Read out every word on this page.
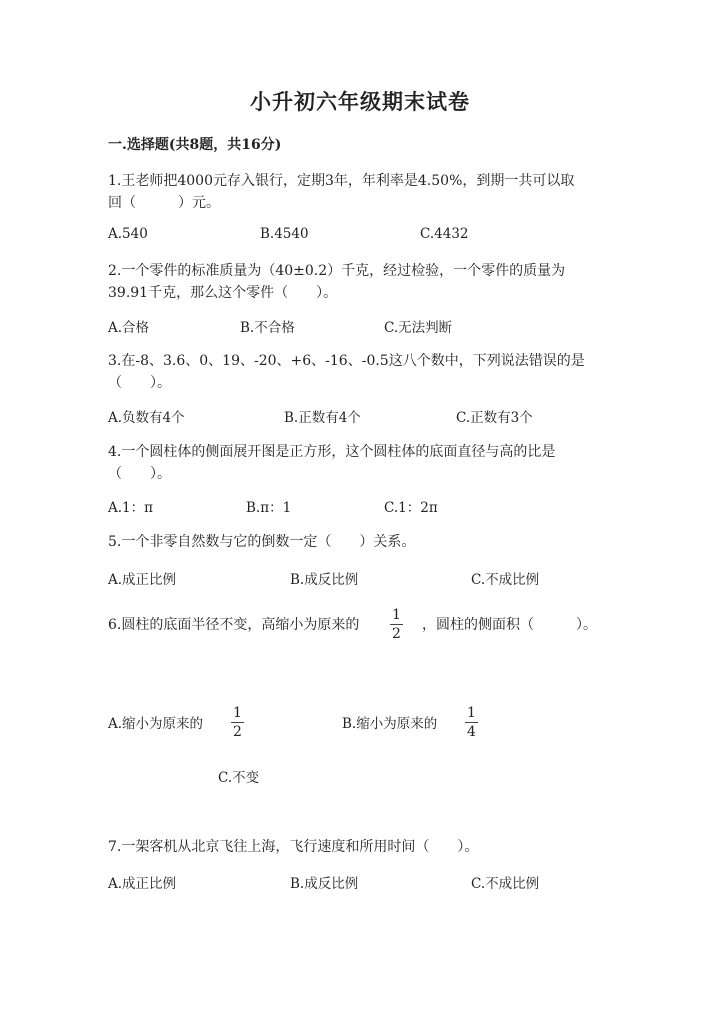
小升初六年级期末试卷
一.选择题(共8题，共16分)
1.王老师把4000元存入银行，定期3年，年利率是4.50%，到期一共可以取
回（　　　）元。
A.540	B.4540	C.4432
2.一个零件的标准质量为（40±0.2）千克，经过检验，一个零件的质量为
39.91千克，那么这个零件（　　）。
A.合格	B.不合格	C.无法判断
3.在-8、3.6、0、19、-20、+6、-16、-0.5这八个数中，下列说法错误的是
（　　）。
A.负数有4个	B.正数有4个	C.正数有3个
4.一个圆柱体的侧面展开图是正方形，这个圆柱体的底面直径与高的比是
（　　）。
A.1：π	B.π：1	C.1：2π
5.一个非零自然数与它的倒数一定（　　）关系。
A.成正比例	B.成反比例	C.不成比例
6.圆柱的底面半径不变，高缩小为原来的 $\frac{1}{2}$ ，圆柱的侧面积（　　　）。
A.缩小为原来的 $\frac{1}{2}$	B.缩小为原来的 $\frac{1}{4}$
C.不变
7.一架客机从北京飞往上海，飞行速度和所用时间（　　）。
A.成正比例	B.成反比例	C.不成比例
